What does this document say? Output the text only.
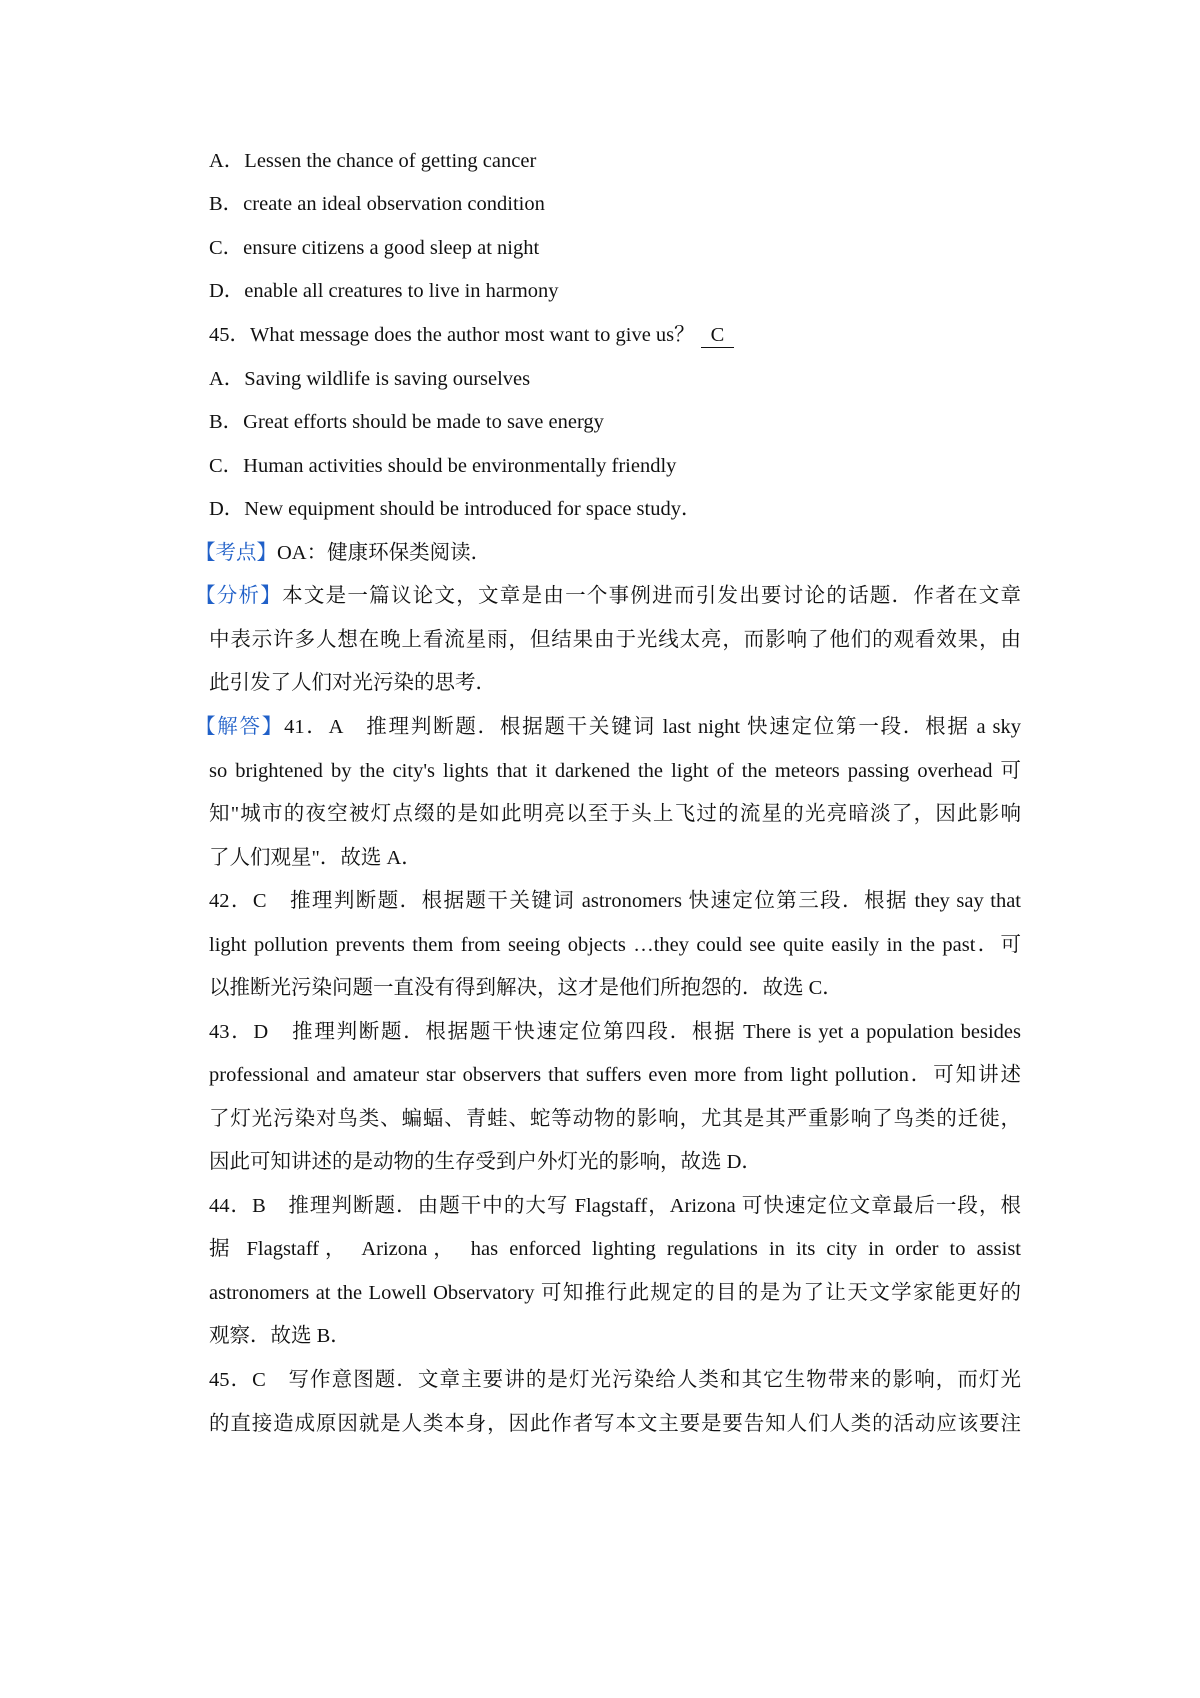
A．Lessen the chance of getting cancer
B．create an ideal observation condition
C．ensure citizens a good sleep at night
D．enable all creatures to live in harmony
45．What message does the author most want to give us？ C
A．Saving wildlife is saving ourselves
B．Great efforts should be made to save energy
C．Human activities should be environmentally friendly
D．New equipment should be introduced for space study．
【考点】OA：健康环保类阅读．
【分析】本文是一篇议论文，文章是由一个事例进而引发出要讨论的话题．作者在文章
中表示许多人想在晚上看流星雨，但结果由于光线太亮，而影响了他们的观看效果，由
此引发了人们对光污染的思考．
【解答】41．A　推理判断题．根据题干关键词 last night 快速定位第一段．根据 a sky
so brightened by the city's lights that it darkened the light of the meteors passing overhead 可
知"城市的夜空被灯点缀的是如此明亮以至于头上飞过的流星的光亮暗淡了，因此影响
了人们观星"．故选 A．
42．C　推理判断题．根据题干关键词 astronomers 快速定位第三段．根据 they say that
light pollution prevents them from seeing objects …they could see quite easily in the past．可
以推断光污染问题一直没有得到解决，这才是他们所抱怨的．故选 C．
43．D　推理判断题．根据题干快速定位第四段．根据 There is yet a population besides
professional and amateur star observers that suffers even more from light pollution．可知讲述
了灯光污染对鸟类、蝙蝠、青蛙、蛇等动物的影响，尤其是其严重影响了鸟类的迁徙，
因此可知讲述的是动物的生存受到户外灯光的影响，故选 D．
44．B　推理判断题．由题干中的大写 Flagstaff，Arizona 可快速定位文章最后一段，根
据 Flagstaff， Arizona， has enforced lighting regulations in its city in order to assist
astronomers at the Lowell Observatory 可知推行此规定的目的是为了让天文学家能更好的
观察．故选 B．
45．C　写作意图题．文章主要讲的是灯光污染给人类和其它生物带来的影响，而灯光
的直接造成原因就是人类本身，因此作者写本文主要是要告知人们人类的活动应该要注
